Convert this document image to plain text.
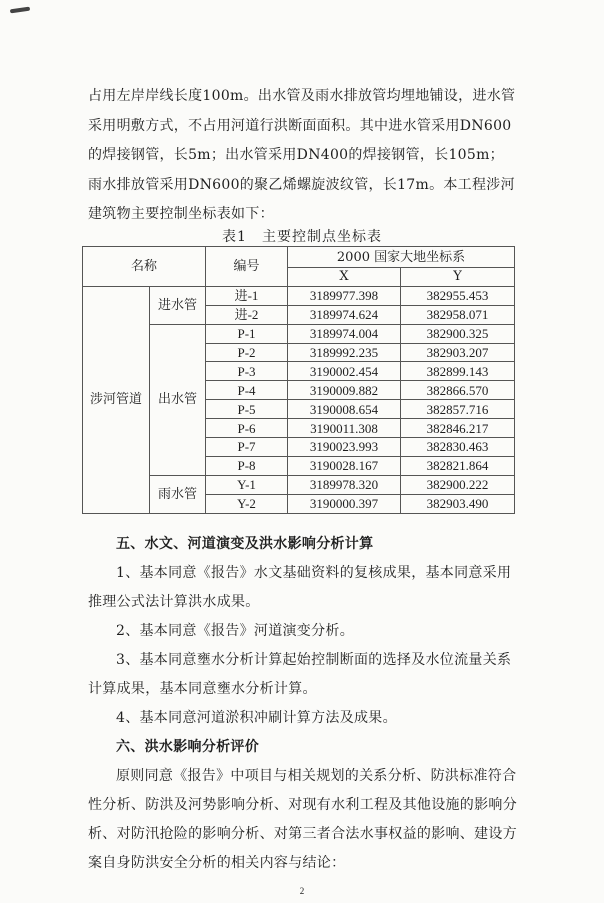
占用左岸岸线长度100m。出水管及雨水排放管均埋地铺设，进水管采用明敷方式，不占用河道行洪断面面积。其中进水管采用DN600的焊接钢管，长5m；出水管采用DN400的焊接钢管，长105m；雨水排放管采用DN600的聚乙烯螺旋波纹管，长17m。本工程涉河建筑物主要控制坐标表如下：

表1　主要控制点坐标表
名称		编号	2000 国家大地坐标系	
			X	Y
涉河管道	进水管	进-1	3189977.398	382955.453
		进-2	3189974.624	382958.071
	出水管	P-1	3189974.004	382900.325
		P-2	3189992.235	382903.207
		P-3	3190002.454	382899.143
		P-4	3190009.882	382866.570
		P-5	3190008.654	382857.716
		P-6	3190011.308	382846.217
		P-7	3190023.993	382830.463
		P-8	3190028.167	382821.864
	雨水管	Y-1	3189978.320	382900.222
		Y-2	3190000.397	382903.490

五、水文、河道演变及洪水影响分析计算

1、基本同意《报告》水文基础资料的复核成果，基本同意采用推理公式法计算洪水成果。

2、基本同意《报告》河道演变分析。

3、基本同意壅水分析计算起始控制断面的选择及水位流量关系计算成果，基本同意壅水分析计算。

4、基本同意河道淤积冲刷计算方法及成果。

六、洪水影响分析评价

原则同意《报告》中项目与相关规划的关系分析、防洪标准符合性分析、防洪及河势影响分析、对现有水利工程及其他设施的影响分析、对防汛抢险的影响分析、对第三者合法水事权益的影响、建设方案自身防洪安全分析的相关内容与结论：

2
